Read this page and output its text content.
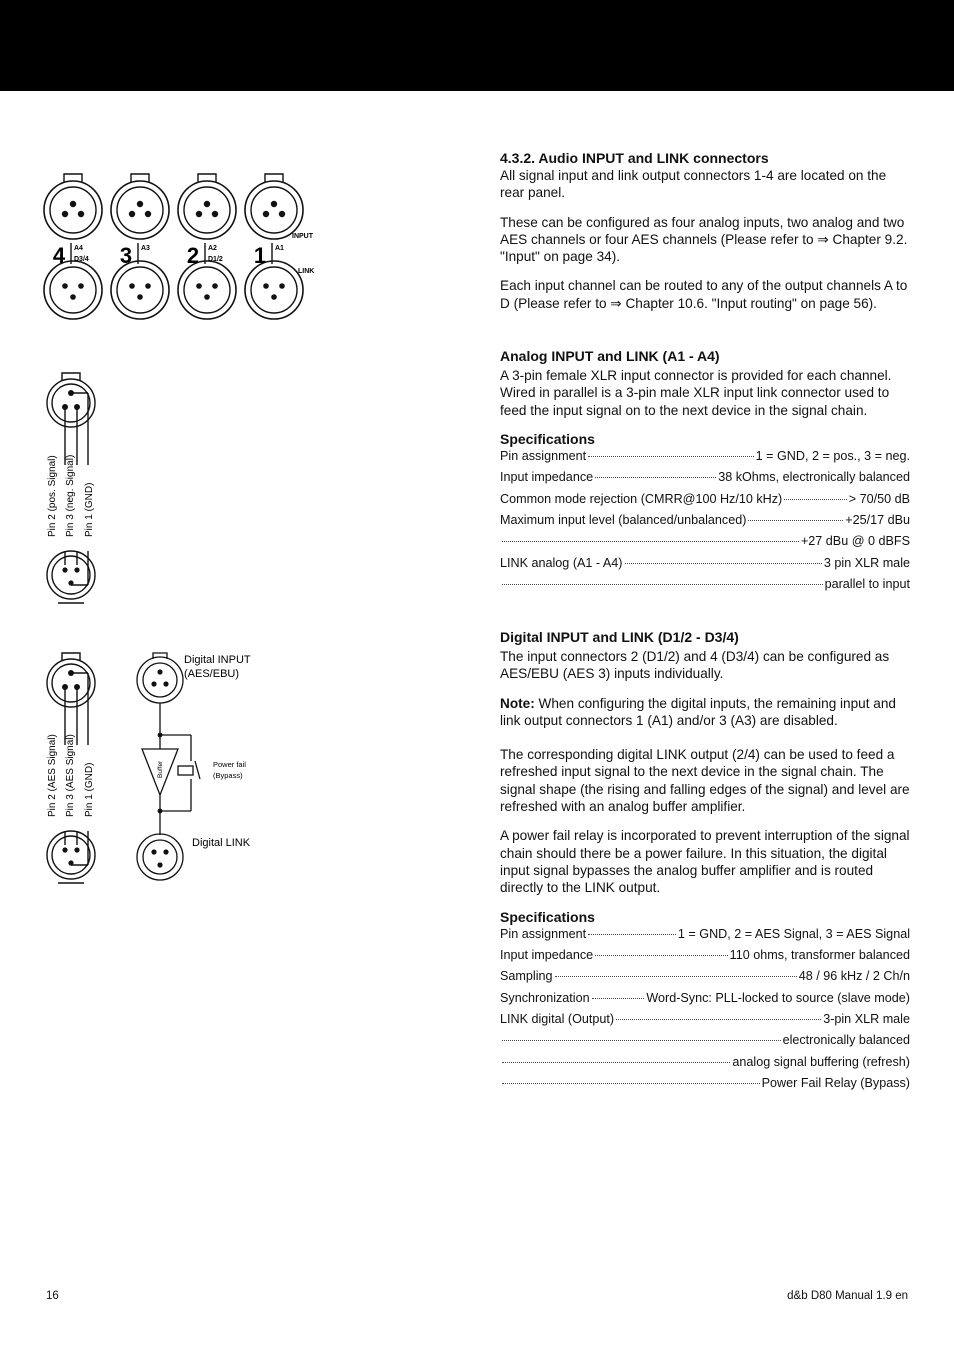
4.3.2. Audio INPUT and LINK connectors

All signal input and link output connectors 1-4 are located on the rear panel.

These can be configured as four analog inputs, two analog and two AES channels or four AES channels (Please refer to ⇒ Chapter 9.2. "Input" on page 34).

Each input channel can be routed to any of the output channels A to D (Please refer to ⇒ Chapter 10.6. "Input routing" on page 56).

Analog INPUT and LINK (A1 - A4)

A 3-pin female XLR input connector is provided for each channel. Wired in parallel is a 3-pin male XLR input link connector used to feed the input signal on to the next device in the signal chain.

Specifications
Pin assignment	1 = GND, 2 = pos., 3 = neg.
Input impedance	38 kOhms, electronically balanced
Common mode rejection (CMRR@100 Hz/10 kHz)	> 70/50 dB
Maximum input level (balanced/unbalanced)	+25/17 dBu
+27 dBu @ 0 dBFS
LINK analog (A1 - A4)	3 pin XLR male
parallel to input
Digital INPUT and LINK (D1/2 - D3/4)

The input connectors 2 (D1/2) and 4 (D3/4) can be configured as AES/EBU (AES 3) inputs individually.

Note: When configuring the digital inputs, the remaining input and link output connectors 1 (A1) and/or 3 (A3) are disabled.

The corresponding digital LINK output (2/4) can be used to feed a refreshed input signal to the next device in the signal chain. The signal shape (the rising and falling edges of the signal) and level are refreshed with an analog buffer amplifier.

A power fail relay is incorporated to prevent interruption of the signal chain should there be a power failure. In this situation, the digital input signal bypasses the analog buffer amplifier and is routed directly to the LINK output.

Specifications
Pin assignment	1 = GND, 2 = AES Signal, 3 = AES Signal
Input impedance	110 ohms, transformer balanced
Sampling	48 / 96 kHz / 2 Ch/n
Synchronization	Word-Sync: PLL-locked to source (slave mode)
LINK digital (Output)	3-pin XLR male
electronically balanced
analog signal buffering (refresh)
Power Fail Relay (Bypass)
4 A4
D3/4 3 A3 2 A2
D1/2 1 A1
INPUT
LINK
Pin 2 (pos. Signal) Pin 3 (neg. Signal) Pin 1 (GND)
Pin 2 (AES Signal) Pin 3 (AES Signal) Pin 1 (GND)
Digital INPUT
(AES/EBU)
Buffer	Power fail
(Bypass)
Digital LINK
16	d&b D80 Manual 1.9 en
